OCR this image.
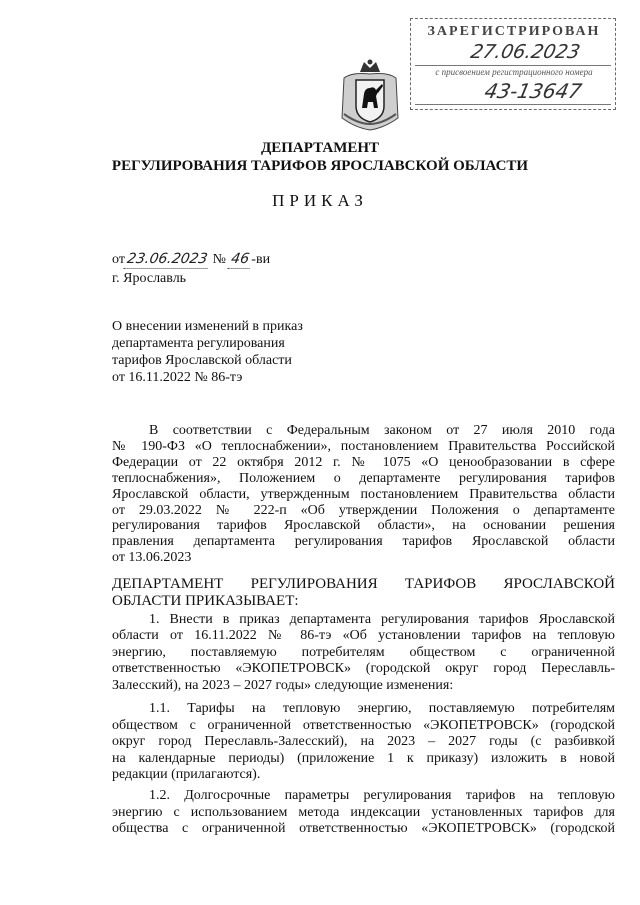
ЗАРЕГИСТРИРОВАН
27.06.2023
с присвоением регистрационного номера
43-13647
ДЕПАРТАМЕНТ
РЕГУЛИРОВАНИЯ ТАРИФОВ ЯРОСЛАВСКОЙ ОБЛАСТИ
ПРИКАЗ
от23.06.2023 № 46-ви
г. Ярославль
О внесении изменений в приказ
департамента регулирования
тарифов Ярославской области
от 16.11.2022 № 86-тэ
В соответствии с Федеральным законом от 27 июля 2010 года
№ 190-ФЗ «О теплоснабжении», постановлением Правительства Российской
Федерации от 22 октября 2012 г. № 1075 «О ценообразовании в сфере
теплоснабжения», Положением о департаменте регулирования тарифов
Ярославской области, утвержденным постановлением Правительства области
от 29.03.2022 № 222-п «Об утверждении Положения о департаменте
регулирования тарифов Ярославской области», на основании решения
правления департамента регулирования тарифов Ярославской области
от 13.06.2023
ДЕПАРТАМЕНТ РЕГУЛИРОВАНИЯ ТАРИФОВ ЯРОСЛАВСКОЙ
ОБЛАСТИ ПРИКАЗЫВАЕТ:
1. Внести в приказ департамента регулирования тарифов Ярославской
области от 16.11.2022 № 86-тэ «Об установлении тарифов на тепловую
энергию, поставляемую потребителям обществом с ограниченной
ответственностью «ЭКОПЕТРОВСК» (городской округ город Переславль-
Залесский), на 2023 – 2027 годы» следующие изменения:
1.1. Тарифы на тепловую энергию, поставляемую потребителям
обществом с ограниченной ответственностью «ЭКОПЕТРОВСК» (городской
округ город Переславль-Залесский), на 2023 – 2027 годы (с разбивкой
на календарные периоды) (приложение 1 к приказу) изложить в новой
редакции (прилагаются).
1.2. Долгосрочные параметры регулирования тарифов на тепловую
энергию с использованием метода индексации установленных тарифов для
общества с ограниченной ответственностью «ЭКОПЕТРОВСК» (городской
